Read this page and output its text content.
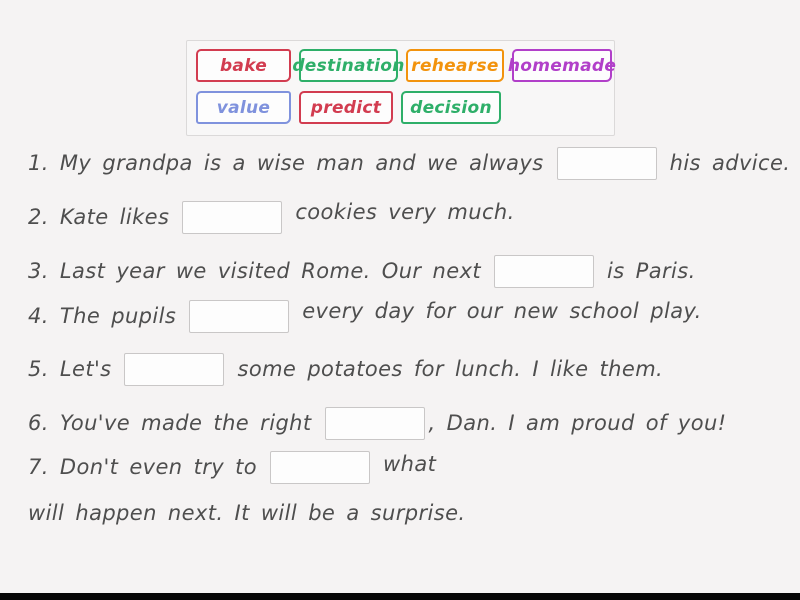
bake	destination rehearse homemade
value	predict	decision
1. My grandpa is a wise man and we always	his advice.
2. Kate likes	cookies very much.
3. Last year we visited Rome. Our next	is Paris.
4. The pupils	every day for our new school play.
5. Let's	some potatoes for lunch. I like them.
6. You've made the right	, Dan. I am proud of you!
7. Don't even try to	what
will happen next. It will be a surprise.
